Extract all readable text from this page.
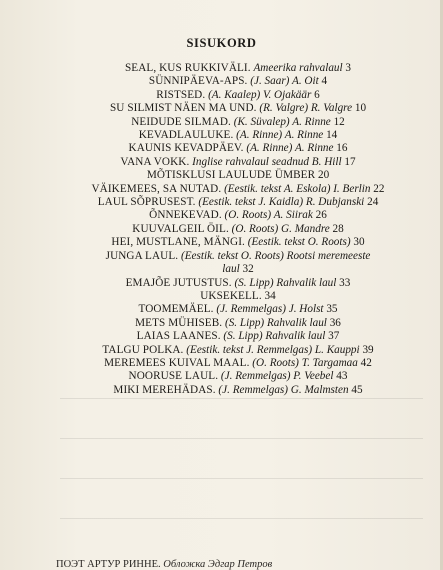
SISUKORD
SEAL, KUS RUKKIVÄLI. Ameerika rahvalaul 3
SÜNNIPÄEVA-APS. (J. Saar) A. Oit 4
RISTSED. (A. Kaalep) V. Ojakäär 6
SU SILMIST NÄEN MA UND. (R. Valgre) R. Valgre 10
NEIDUDE SILMAD. (K. Süvalep) A. Rinne 12
KEVADLAULUKE. (A. Rinne) A. Rinne 14
KAUNIS KEVADPÄEV. (A. Rinne) A. Rinne 16
VANA VOKK. Inglise rahvalaul seadnud B. Hill 17
MÕTISKLUSI LAULUDE ÜMBER 20
VÄIKEMEES, SA NUTAD. (Eestik. tekst A. Eskola) I. Berlin 22
LAUL SÕPRUSEST. (Eestik. tekst J. Kaidla) R. Dubjanski 24
ÕNNEKEVAD. (O. Roots) A. Siirak 26
KUUVALGEIL ÖIL. (O. Roots) G. Mandre 28
HEI, MUSTLANE, MÄNGI. (Eestik. tekst O. Roots) 30
JUNGA LAUL. (Eestik. tekst O. Roots) Rootsi meremeeste
laul 32
EMAJÕE JUTUSTUS. (S. Lipp) Rahvalik laul 33
UKSEKELL. 34
TOOMEMÄEL. (J. Remmelgas) J. Holst 35
METS MÜHISEB. (S. Lipp) Rahvalik laul 36
LAIAS LAANES. (S. Lipp) Rahvalik laul 37
TALGU POLKA. (Eestik. tekst J. Remmelgas) L. Kauppi 39
MEREMEES KUIVAL MAAL. (O. Roots) T. Targamaa 42
NOORUSE LAUL. (J. Remmelgas) P. Veebel 43
MIKI MEREHÄDAS. (J. Remmelgas) G. Malmsten 45
ПОЭТ АРТУР РИННЕ. Обложка Эдгар Петров
